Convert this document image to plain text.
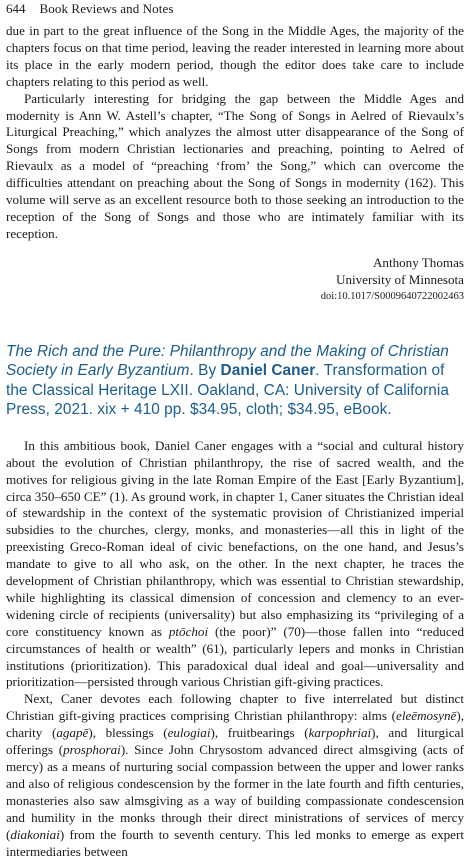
644 Book Reviews and Notes

due in part to the great influence of the Song in the Middle Ages, the majority of the chapters focus on that time period, leaving the reader interested in learning more about its place in the early modern period, though the editor does take care to include chapters relating to this period as well.

Particularly interesting for bridging the gap between the Middle Ages and modernity is Ann W. Astell’s chapter, “The Song of Songs in Aelred of Rievaulx’s Liturgical Preaching,” which analyzes the almost utter disappearance of the Song of Songs from modern Christian lectionaries and preaching, pointing to Aelred of Rievaulx as a model of “preaching ‘from’ the Song,” which can overcome the difficulties attendant on preaching about the Song of Songs in modernity (162). This volume will serve as an excellent resource both to those seeking an introduction to the reception of the Song of Songs and those who are intimately familiar with its reception.

Anthony Thomas
University of Minnesota
doi:10.1017/S0009640722002463
The Rich and the Pure: Philanthropy and the Making of Christian Society in Early Byzantium. By Daniel Caner. Transformation of the Classical Heritage LXII. Oakland, CA: University of California Press, 2021. xix + 410 pp. $34.95, cloth; $34.95, eBook.

In this ambitious book, Daniel Caner engages with a “social and cultural history about the evolution of Christian philanthropy, the rise of sacred wealth, and the motives for religious giving in the late Roman Empire of the East [Early Byzantium], circa 350–650 CE” (1). As ground work, in chapter 1, Caner situates the Christian ideal of stewardship in the context of the systematic provision of Christianized imperial subsidies to the churches, clergy, monks, and monasteries—all this in light of the preexisting Greco-Roman ideal of civic benefactions, on the one hand, and Jesus’s mandate to give to all who ask, on the other. In the next chapter, he traces the development of Christian philanthropy, which was essential to Christian stewardship, while highlighting its classical dimension of concession and clemency to an ever-widening circle of recipients (universality) but also emphasizing its “privileging of a core constituency known as ptōchoi (the poor)” (70)—those fallen into “reduced circumstances of health or wealth” (61), particularly lepers and monks in Christian institutions (prioritization). This paradoxical dual ideal and goal—universality and prioritization—persisted through various Christian gift-giving practices.

Next, Caner devotes each following chapter to five interrelated but distinct Christian gift-giving practices comprising Christian philanthropy: alms (eleēmosynē), charity (agapē), blessings (eulogiai), fruitbearings (karpophriai), and liturgical offerings (prosphorai). Since John Chrysostom advanced direct almsgiving (acts of mercy) as a means of nurturing social compassion between the upper and lower ranks and also of religious condescension by the former in the late fourth and fifth centuries, monasteries also saw almsgiving as a way of building compassionate condescension and humility in the monks through their direct ministrations of services of mercy (diakoniai) from the fourth to seventh century. This led monks to emerge as expert intermediaries between
